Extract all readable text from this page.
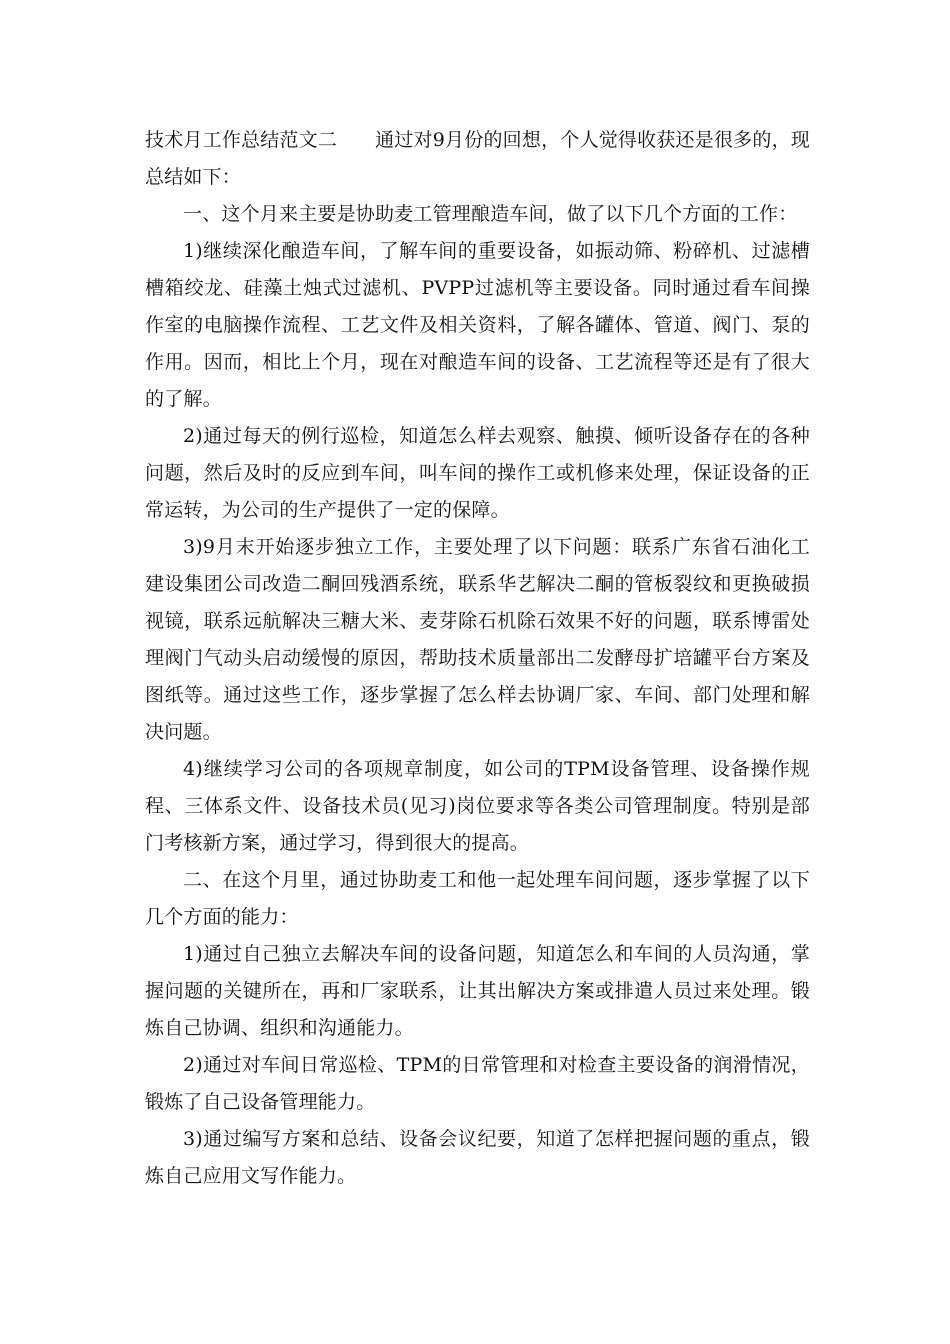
技术月工作总结范文二 通过对9月份的回想，个人觉得收获还是很多的，现总结如下：

一、这个月来主要是协助麦工管理酿造车间，做了以下几个方面的工作：

1)继续深化酿造车间，了解车间的重要设备，如振动筛、粉碎机、过滤槽槽箱绞龙、硅藻土烛式过滤机、PVPP过滤机等主要设备。同时通过看车间操作室的电脑操作流程、工艺文件及相关资料，了解各罐体、管道、阀门、泵的作用。因而，相比上个月，现在对酿造车间的设备、工艺流程等还是有了很大的了解。

2)通过每天的例行巡检，知道怎么样去观察、触摸、倾听设备存在的各种问题，然后及时的反应到车间，叫车间的操作工或机修来处理，保证设备的正常运转，为公司的生产提供了一定的保障。

3)9月末开始逐步独立工作，主要处理了以下问题：联系广东省石油化工建设集团公司改造二酮回残酒系统，联系华艺解决二酮的管板裂纹和更换破损视镜，联系远航解决三糖大米、麦芽除石机除石效果不好的问题，联系博雷处理阀门气动头启动缓慢的原因，帮助技术质量部出二发酵母扩培罐平台方案及图纸等。通过这些工作，逐步掌握了怎么样去协调厂家、车间、部门处理和解决问题。

4)继续学习公司的各项规章制度，如公司的TPM设备管理、设备操作规程、三体系文件、设备技术员(见习)岗位要求等各类公司管理制度。特别是部门考核新方案，通过学习，得到很大的提高。

二、在这个月里，通过协助麦工和他一起处理车间问题，逐步掌握了以下几个方面的能力：

1)通过自己独立去解决车间的设备问题，知道怎么和车间的人员沟通，掌握问题的关键所在，再和厂家联系，让其出解决方案或排遣人员过来处理。锻炼自己协调、组织和沟通能力。

2)通过对车间日常巡检、TPM的日常管理和对检查主要设备的润滑情况，锻炼了自己设备管理能力。

3)通过编写方案和总结、设备会议纪要，知道了怎样把握问题的重点，锻炼自己应用文写作能力。
